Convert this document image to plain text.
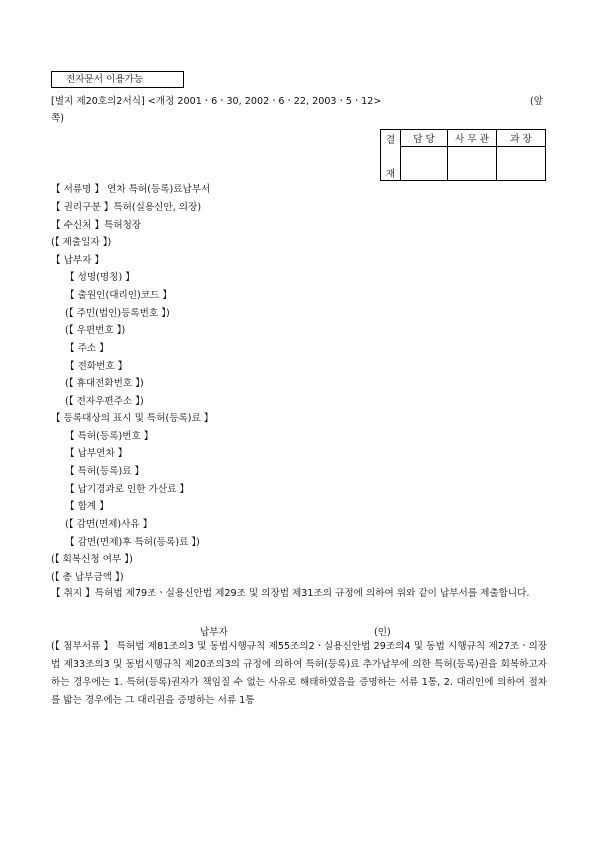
전자문서 이용가능
[별지 제20호의2서식] <개정 2001ㆍ6ㆍ30, 2002ㆍ6ㆍ22, 2003ㆍ5ㆍ12>	(앞
쪽)
결
재	담 당	사 무 관	과 장

【 서류명 】 연차 특허(등록)료납부서
【 권리구분 】특허(실용신안, 의장)
【 수신처 】특허청장
(【 제출일자 】)
【 납부자 】
【 성명(명칭) 】
【 출원인(대리인)코드 】
(【 주민(법인)등록번호 】)
(【 우편번호 】)
【 주소 】
【 전화번호 】
(【 휴대전화번호 】)
(【 전자우편주소 】)
【 등록대상의 표시 및 특허(등록)료 】
【 특허(등록)번호 】
【 납부연차 】
【 특허(등록)료 】
【 납기경과로 인한 가산료 】
【 합계 】
(【 감면(면제)사유 】
【 감면(면제)후 특허(등록)료 】)
(【 회복신청 여부 】)
(【 총 납부금액 】)
【 취지 】특허법 제79조ㆍ실용신안법 제29조 및 의장법 제31조의 규정에 의하여 위와 같이 납부서를 제출합니다.
납부자	(인)
(【 첨부서류 】 특허법 제81조의3 및 동법시행규칙 제55조의2ㆍ실용신안법 29조의4 및 동법 시행규칙 제27조ㆍ의장법 제33조의3 및 동법시행규칙 제20조의3의 규정에 의하여 특허(등록)료 추가납부에 의한 특허(등록)권을 회복하고자 하는 경우에는 1. 특허(등록)권자가 책임질 수 없는 사유로 해태하였음을 증명하는 서류 1통, 2. 대리인에 의하여 절차를 밟는 경우에는 그 대리권을 증명하는 서류 1통
